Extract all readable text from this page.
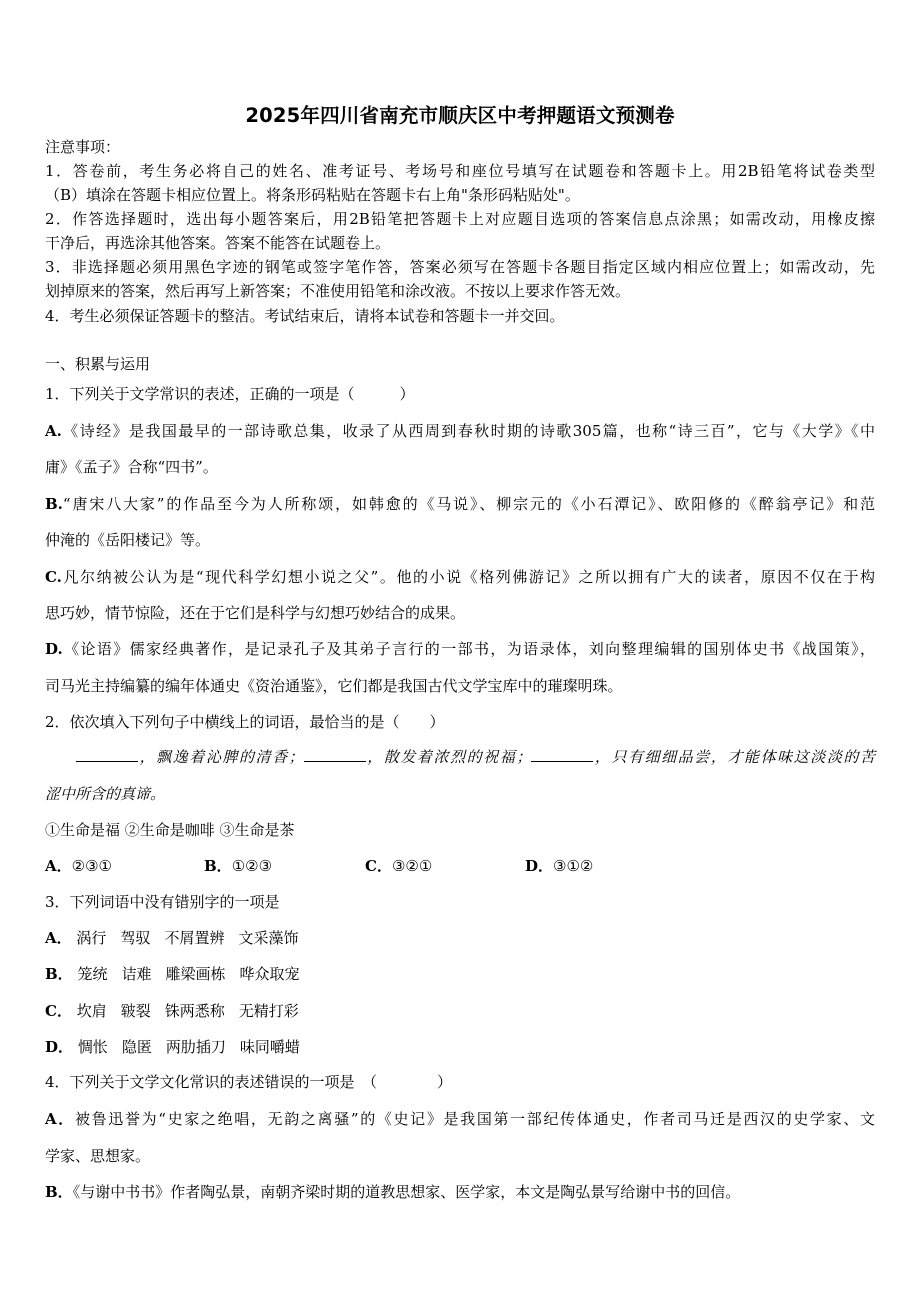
2025年四川省南充市顺庆区中考押题语文预测卷
注意事项：
1．答卷前，考生务必将自己的姓名、准考证号、考场号和座位号填写在试题卷和答题卡上。用2B铅笔将试卷类型
（B）填涂在答题卡相应位置上。将条形码粘贴在答题卡右上角"条形码粘贴处"。
2．作答选择题时，选出每小题答案后，用2B铅笔把答题卡上对应题目选项的答案信息点涂黑；如需改动，用橡皮擦
干净后，再选涂其他答案。答案不能答在试题卷上。
3．非选择题必须用黑色字迹的钢笔或签字笔作答，答案必须写在答题卡各题目指定区域内相应位置上；如需改动，先
划掉原来的答案，然后再写上新答案；不准使用铅笔和涂改液。不按以上要求作答无效。
4．考生必须保证答题卡的整洁。考试结束后，请将本试卷和答题卡一并交回。
一、积累与运用
1．下列关于文学常识的表述，正确的一项是（　　　）
A.《诗经》是我国最早的一部诗歌总集，收录了从西周到春秋时期的诗歌305篇，也称“诗三百”，它与《大学》《中
庸》《孟子》合称“四书”。
B.“唐宋八大家”的作品至今为人所称颂，如韩愈的《马说》、柳宗元的《小石潭记》、欧阳修的《醉翁亭记》和范
仲淹的《岳阳楼记》等。
C.凡尔纳被公认为是“现代科学幻想小说之父”。他的小说《格列佛游记》之所以拥有广大的读者，原因不仅在于构
思巧妙，情节惊险，还在于它们是科学与幻想巧妙结合的成果。
D.《论语》儒家经典著作，是记录孔子及其弟子言行的一部书，为语录体，刘向整理编辑的国别体史书《战国策》，
司马光主持编纂的编年体通史《资治通鉴》，它们都是我国古代文学宝库中的璀璨明珠。
2．依次填入下列句子中横线上的词语，最恰当的是（　　）
，飘逸着沁脾的清香；	，散发着浓烈的祝福；	，只有细细品尝，才能体味这淡淡的苦
涩中所含的真谛。
①生命是福 ②生命是咖啡 ③生命是茶
A．②③①	B．①②③	C．③②①	D．③①②
3．下列词语中没有错别字的一项是
A． 涡行 驾驭 不屑置辨 文采藻饰
B． 笼统 诘难 雕梁画栋 哗众取宠
C． 坎肩 皲裂 铢两悉称 无精打彩
D． 惆怅 隐匿 两肋插刀 味同嚼蜡
4．下列关于文学文化常识的表述错误的一项是　（　　　　）
A．被鲁迅誉为“史家之绝唱，无韵之离骚”的《史记》是我国第一部纪传体通史，作者司马迁是西汉的史学家、文
学家、思想家。
B．《与谢中书书》作者陶弘景，南朝齐梁时期的道教思想家、医学家，本文是陶弘景写给谢中书的回信。
